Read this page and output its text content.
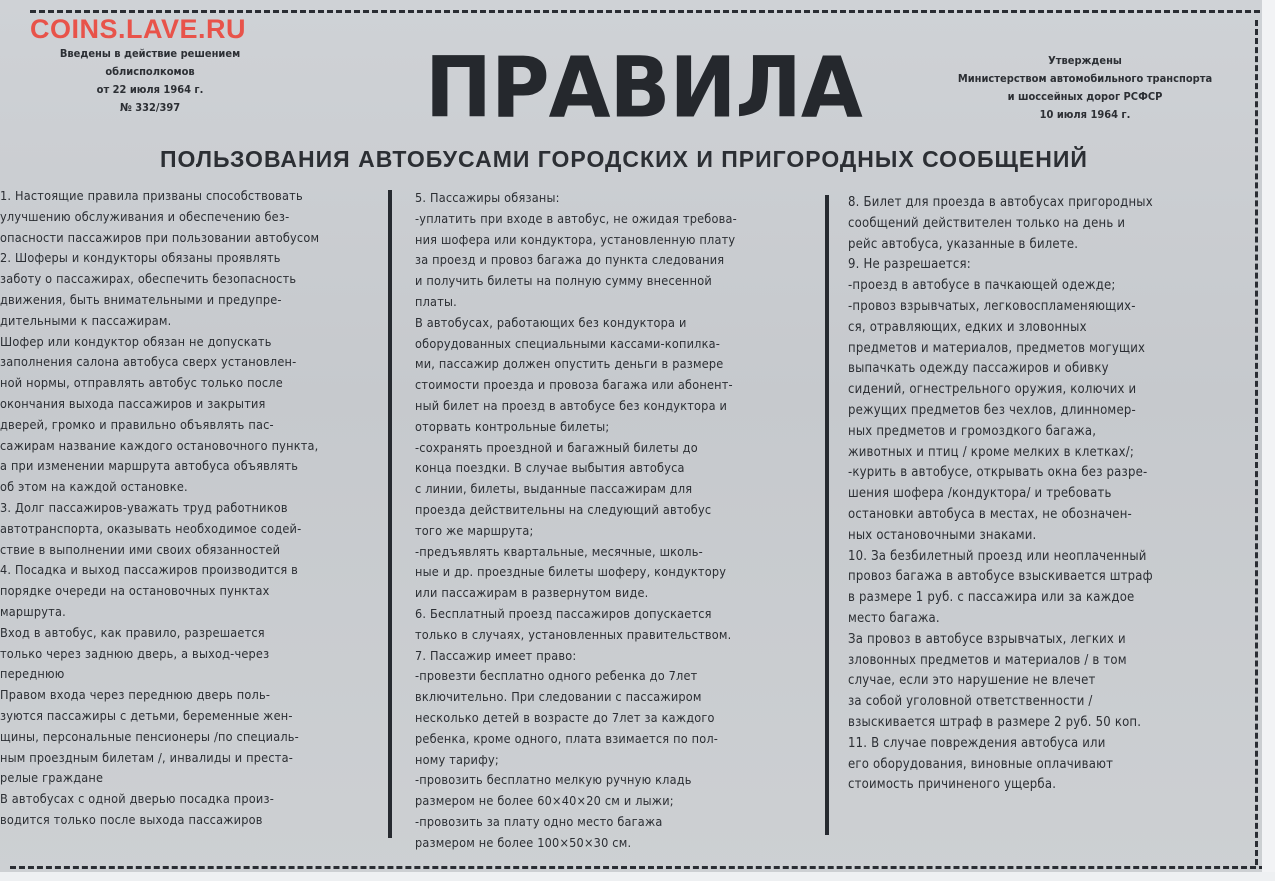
Введены в действие решением
облисполкомов
от 22 июля 1964 г.
№ 332/397
Утверждены
Министерством автомобильного транспорта
и шоссейных дорог РСФСР
10 июля 1964 г.
ПРАВИЛА
ПОЛЬЗОВАНИЯ АВТОБУСАМИ ГОРОДСКИХ И ПРИГОРОДНЫХ СООБЩЕНИЙ

1. Настоящие правила призваны способствовать

улучшению обслуживания и обеспечению без-

опасности пассажиров при пользовании автобусом

2. Шоферы и кондукторы обязаны проявлять

заботу о пассажирах, обеспечить безопасность

движения, быть внимательными и предупре-

дительными к пассажирам.

Шофер или кондуктор обязан не допускать

заполнения салона автобуса сверх установлен-

ной нормы, отправлять автобус только после

окончания выхода пассажиров и закрытия

дверей, громко и правильно объявлять пас-

сажирам название каждого остановочного пункта,

а при изменении маршрута автобуса объявлять

об этом на каждой остановке.

3. Долг пассажиров-уважать труд работников

автотранспорта, оказывать необходимое содей-

ствие в выполнении ими своих обязанностей

4. Посадка и выход пассажиров производится в

порядке очереди на остановочных пунктах

маршрута.

Вход в автобус, как правило, разрешается

только через заднюю дверь, а выход-через

переднюю

Правом входа через переднюю дверь поль-

зуются пассажиры с детьми, беременные жен-

щины, персональные пенсионеры /по специаль-

ным проездным билетам /, инвалиды и преста-

релые граждане

В автобусах с одной дверью посадка произ-

водится только после выхода пассажиров

5. Пассажиры обязаны:

-уплатить при входе в автобус, не ожидая требова-

ния шофера или кондуктора, установленную плату

за проезд и провоз багажа до пункта следования

и получить билеты на полную сумму внесенной

платы.

В автобусах, работающих без кондуктора и

оборудованных специальными кассами-копилка-

ми, пассажир должен опустить деньги в размере

стоимости проезда и провоза багажа или абонент-

ный билет на проезд в автобусе без кондуктора и

оторвать контрольные билеты;

-сохранять проездной и багажный билеты до

конца поездки. В случае выбытия автобуса

с линии, билеты, выданные пассажирам для

проезда действительны на следующий автобус

того же маршрута;

-предъявлять квартальные, месячные, школь-

ные и др. проездные билеты шоферу, кондуктору

или пассажирам в развернутом виде.

6. Бесплатный проезд пассажиров допускается

только в случаях, установленных правительством.

7. Пассажир имеет право:

-провезти бесплатно одного ребенка до 7лет

включительно. При следовании с пассажиром

несколько детей в возрасте до 7лет за каждого

ребенка, кроме одного, плата взимается по пол-

ному тарифу;

-провозить бесплатно мелкую ручную кладь

размером не более 60×40×20 см и лыжи;

-провозить за плату одно место багажа

размером не более 100×50×30 см.

8. Билет для проезда в автобусах пригородных

сообщений действителен только на день и

рейс автобуса, указанные в билете.

9. Не разрешается:

-проезд в автобусе в пачкающей одежде;

-провоз взрывчатых, легковоспламеняющих-

ся, отравляющих, едких и зловонных

предметов и материалов, предметов могущих

выпачкать одежду пассажиров и обивку

сидений, огнестрельного оружия, колючих и

режущих предметов без чехлов, длинномер-

ных предметов и громоздкого багажа,

животных и птиц / кроме мелких в клетках/;

-курить в автобусе, открывать окна без разре-

шения шофера /кондуктора/ и требовать

остановки автобуса в местах, не обозначен-

ных остановочными знаками.

10. За безбилетный проезд или неоплаченный

провоз багажа в автобусе взыскивается штраф

в размере 1 руб. с пассажира или за каждое

место багажа.

За провоз в автобусе взрывчатых, легких и

зловонных предметов и материалов / в том

случае, если это нарушение не влечет

за собой уголовной ответственности /

взыскивается штраф в размере 2 руб. 50 коп.

11. В случае повреждения автобуса или

его оборудования, виновные оплачивают

стоимость причиненого ущерба.

COINS.LAVE.RU
